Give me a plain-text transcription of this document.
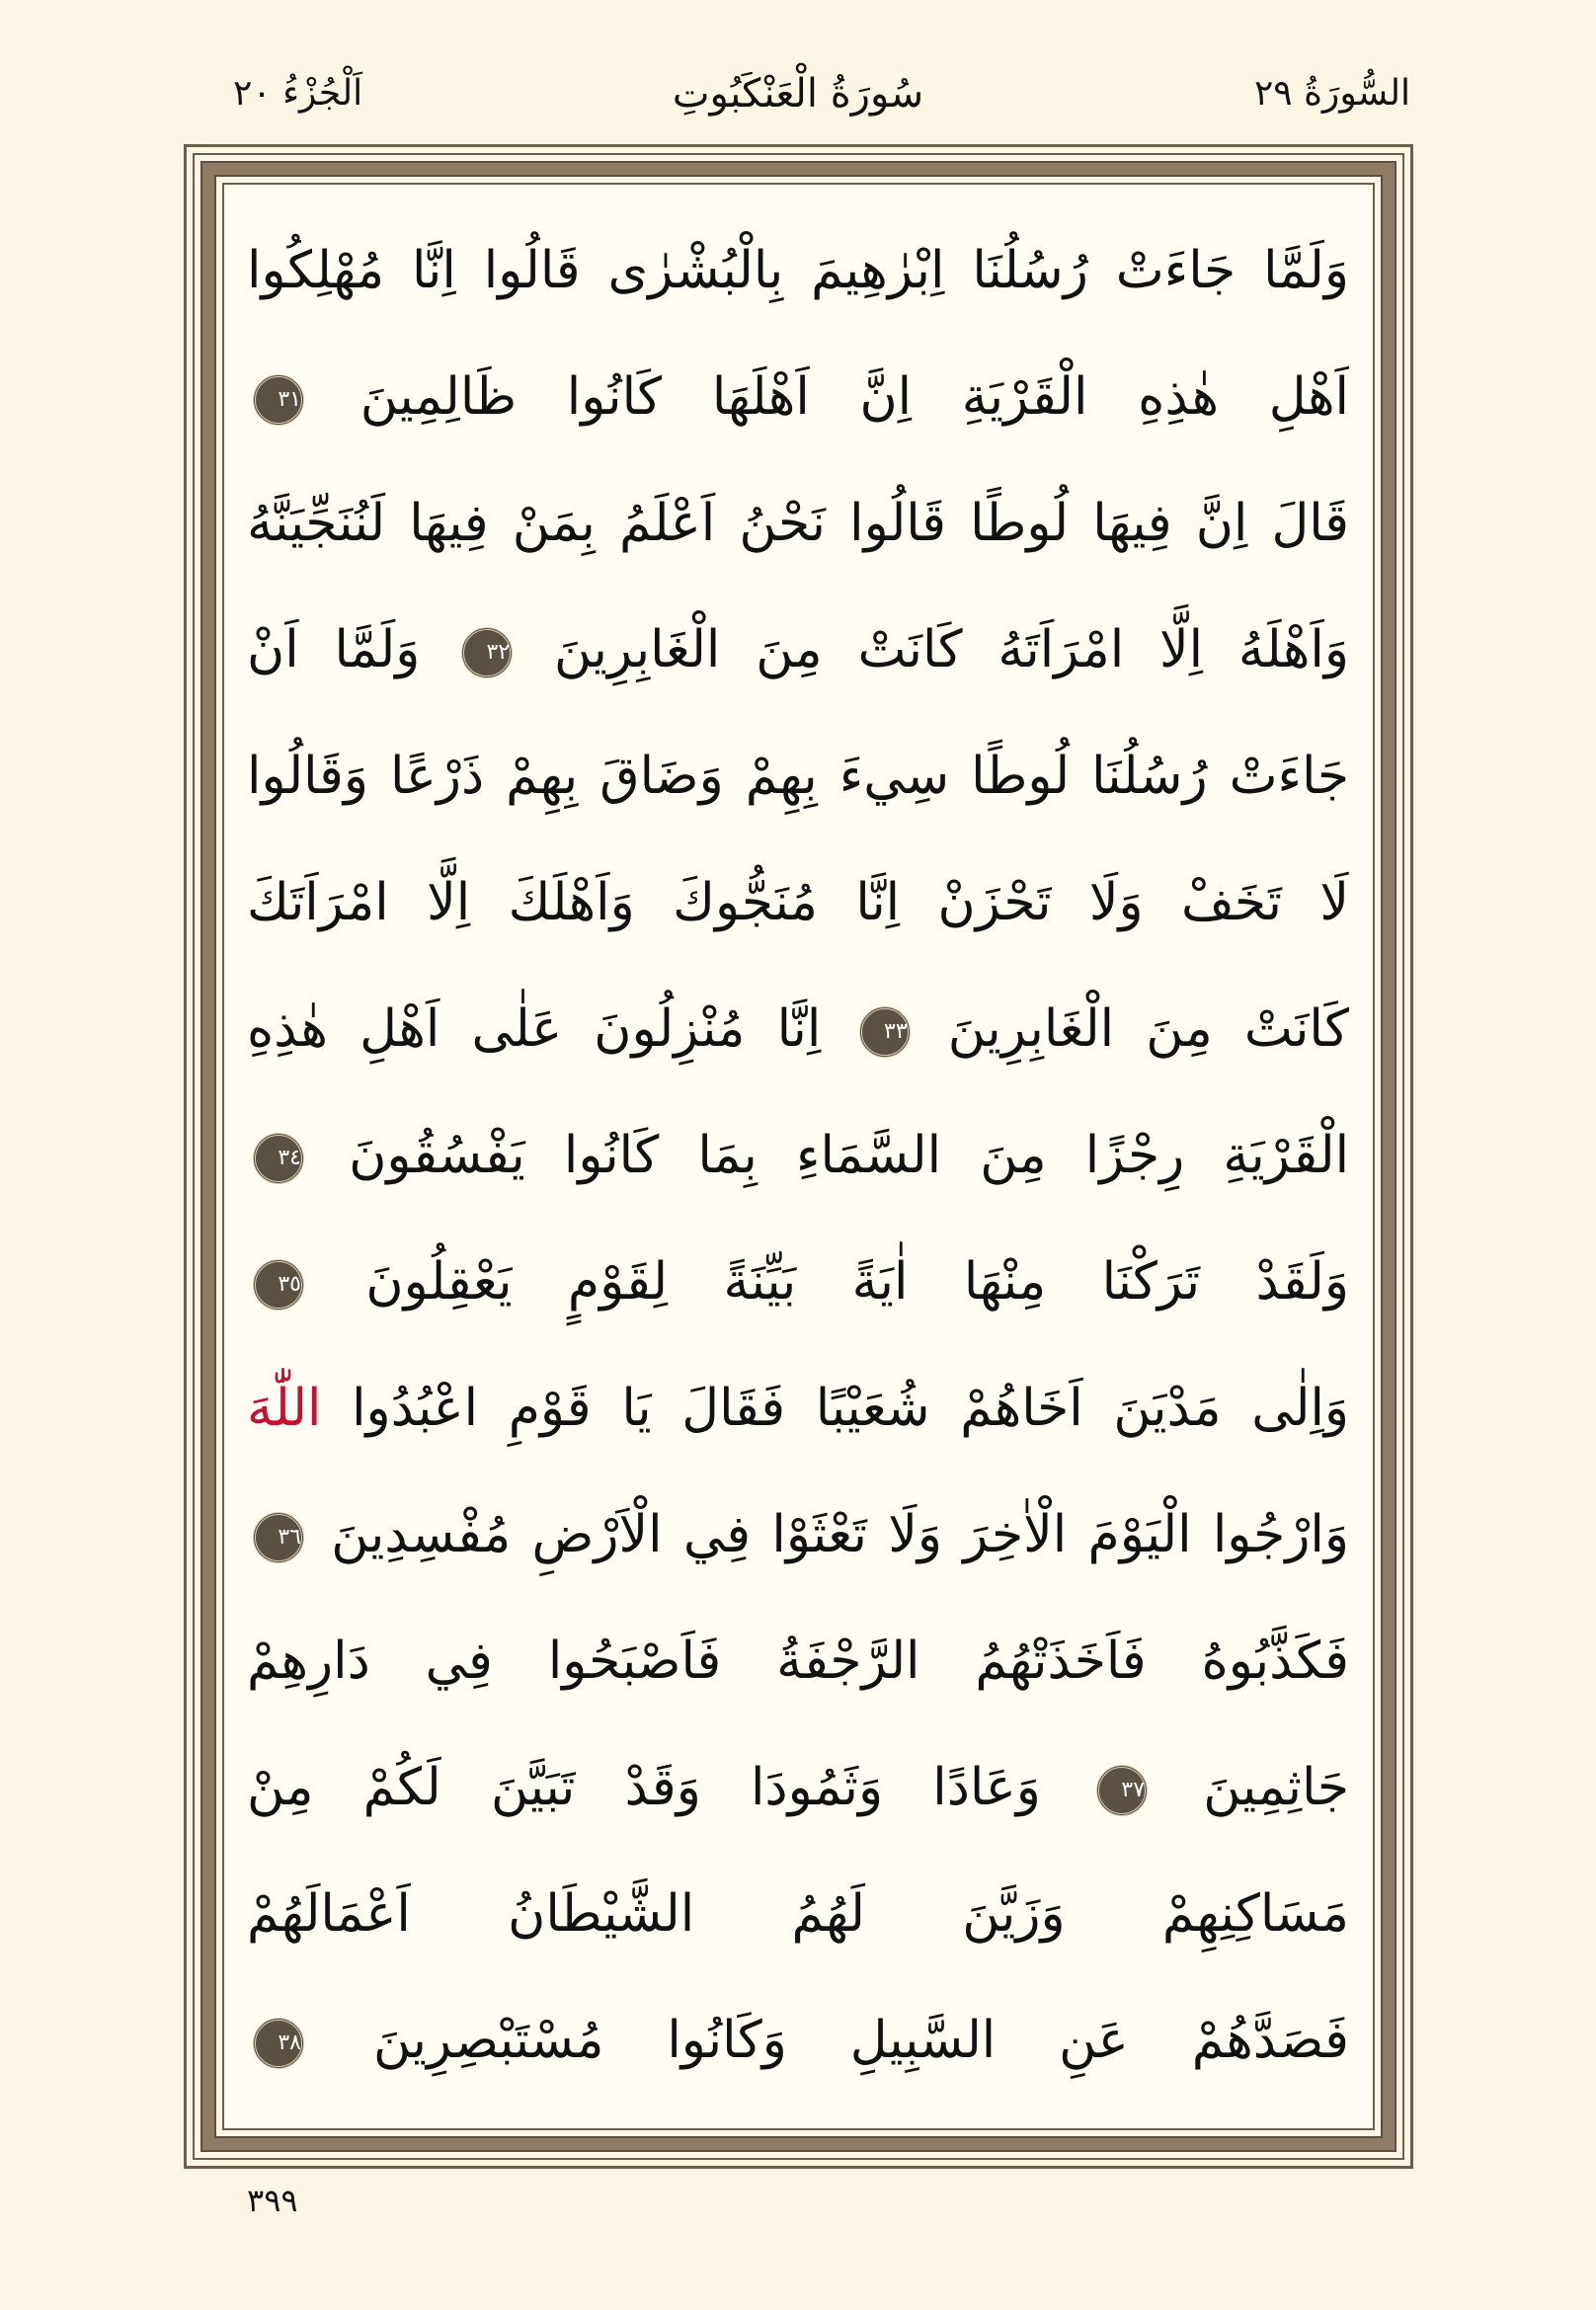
السُّورَةُ ٢٩
سُورَةُ الْعَنْكَبُوتِ
اَلْجُزْءُ ٢٠
وَلَمَّا جَاءَتْ رُسُلُنَا اِبْرٰهِيمَ بِالْبُشْرٰى قَالُوا اِنَّا مُهْلِكُوا
اَهْلِ هٰذِهِ الْقَرْيَةِ اِنَّ اَهْلَهَا كَانُوا ظَالِمِينَ ٣١
قَالَ اِنَّ فِيهَا لُوطًا قَالُوا نَحْنُ اَعْلَمُ بِمَنْ فِيهَا لَنُنَجِّيَنَّهُ
وَاَهْلَهُ اِلَّا امْرَاَتَهُ كَانَتْ مِنَ الْغَابِرِينَ ٣٢ وَلَمَّا اَنْ
جَاءَتْ رُسُلُنَا لُوطًا سِيءَ بِهِمْ وَضَاقَ بِهِمْ ذَرْعًا وَقَالُوا
لَا تَخَفْ وَلَا تَحْزَنْ اِنَّا مُنَجُّوكَ وَاَهْلَكَ اِلَّا امْرَاَتَكَ
كَانَتْ مِنَ الْغَابِرِينَ ٣٣ اِنَّا مُنْزِلُونَ عَلٰى اَهْلِ هٰذِهِ
الْقَرْيَةِ رِجْزًا مِنَ السَّمَاءِ بِمَا كَانُوا يَفْسُقُونَ ٣٤
وَلَقَدْ تَرَكْنَا مِنْهَا اٰيَةً بَيِّنَةً لِقَوْمٍ يَعْقِلُونَ ٣٥
وَاِلٰى مَدْيَنَ اَخَاهُمْ شُعَيْبًا فَقَالَ يَا قَوْمِ اعْبُدُوا اللّٰهَ
وَارْجُوا الْيَوْمَ الْاٰخِرَ وَلَا تَعْثَوْا فِي الْاَرْضِ مُفْسِدِينَ ٣٦
فَكَذَّبُوهُ فَاَخَذَتْهُمُ الرَّجْفَةُ فَاَصْبَحُوا فِي دَارِهِمْ
جَاثِمِينَ ٣٧ وَعَادًا وَثَمُودَا وَقَدْ تَبَيَّنَ لَكُمْ مِنْ
مَسَاكِنِهِمْ وَزَيَّنَ لَهُمُ الشَّيْطَانُ اَعْمَالَهُمْ
فَصَدَّهُمْ عَنِ السَّبِيلِ وَكَانُوا مُسْتَبْصِرِينَ ٣٨
٣٩٩
